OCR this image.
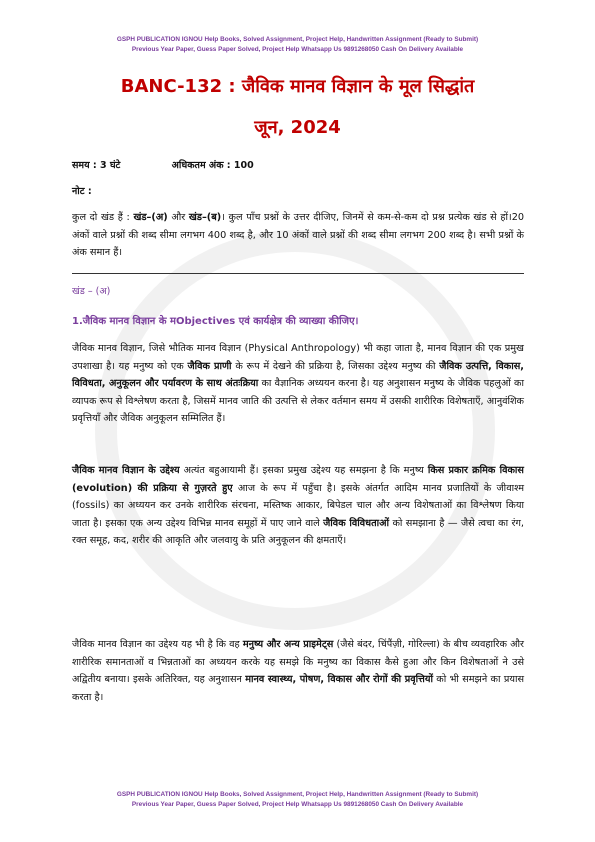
GSPH PUBLICATION IGNOU Help Books, Solved Assignment, Project Help, Handwritten Assignment (Ready to Submit)
Previous Year Paper, Guess Paper Solved, Project Help Whatsapp Us 9891268050 Cash On Delivery Available
BANC-132 : जैविक मानव विज्ञान के मूल सिद्धांत
जून, 2024
समय : 3 घंटे	अधिकतम अंक : 100
नोट :
कुल दो खंड हैं : खंड–(अ) और खंड–(ब)। कुल पाँच प्रश्नों के उत्तर दीजिए, जिनमें से कम-से-कम दो प्रश्न प्रत्येक खंड से हों।20 अंकों वाले प्रश्नों की शब्द सीमा लगभग 400 शब्द है, और 10 अंकों वाले प्रश्नों की शब्द सीमा लगभग 200 शब्द है। सभी प्रश्नों के अंक समान हैं।
खंड – (अ)
1.जैविक मानव विज्ञान के मObjectives एवं कार्यक्षेत्र की व्याख्या कीजिए।
जैविक मानव विज्ञान, जिसे भौतिक मानव विज्ञान (Physical Anthropology) भी कहा जाता है, मानव विज्ञान की एक प्रमुख उपशाखा है। यह मनुष्य को एक जैविक प्राणी के रूप में देखने की प्रक्रिया है, जिसका उद्देश्य मनुष्य की जैविक उत्पत्ति, विकास, विविधता, अनुकूलन और पर्यावरण के साथ अंतःक्रिया का वैज्ञानिक अध्ययन करना है। यह अनुशासन मनुष्य के जैविक पहलुओं का व्यापक रूप से विश्लेषण करता है, जिसमें मानव जाति की उत्पत्ति से लेकर वर्तमान समय में उसकी शारीरिक विशेषताएँ, आनुवंशिक प्रवृत्तियाँ और जैविक अनुकूलन सम्मिलित हैं।
जैविक मानव विज्ञान के उद्देश्य अत्यंत बहुआयामी हैं। इसका प्रमुख उद्देश्य यह समझना है कि मनुष्य किस प्रकार क्रमिक विकास (evolution) की प्रक्रिया से गुज़रते हुए आज के रूप में पहुँचा है। इसके अंतर्गत आदिम मानव प्रजातियों के जीवाश्म (fossils) का अध्ययन कर उनके शारीरिक संरचना, मस्तिष्क आकार, बिपेडल चाल और अन्य विशेषताओं का विश्लेषण किया जाता है। इसका एक अन्य उद्देश्य विभिन्न मानव समूहों में पाए जाने वाले जैविक विविधताओं को समझाना है — जैसे त्वचा का रंग, रक्त समूह, कद, शरीर की आकृति और जलवायु के प्रति अनुकूलन की क्षमताएँ।
जैविक मानव विज्ञान का उद्देश्य यह भी है कि वह मनुष्य और अन्य प्राइमेट्स (जैसे बंदर, चिंपैंज़ी, गोरिल्ला) के बीच व्यवहारिक और शारीरिक समानताओं व भिन्नताओं का अध्ययन करके यह समझे कि मनुष्य का विकास कैसे हुआ और किन विशेषताओं ने उसे अद्वितीय बनाया। इसके अतिरिक्त, यह अनुशासन मानव स्वास्थ्य, पोषण, विकास और रोगों की प्रवृत्तियों को भी समझने का प्रयास करता है।
GSPH PUBLICATION IGNOU Help Books, Solved Assignment, Project Help, Handwritten Assignment (Ready to Submit)
Previous Year Paper, Guess Paper Solved, Project Help Whatsapp Us 9891268050 Cash On Delivery Available
